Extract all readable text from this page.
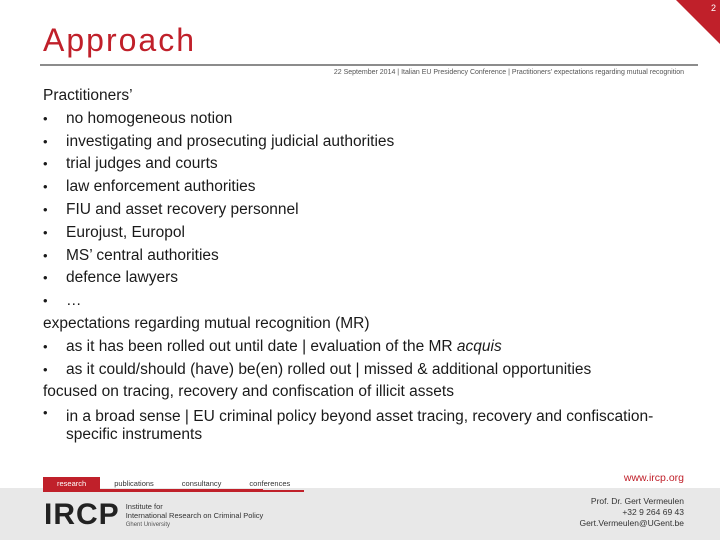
2
Approach
22 September 2014 | Italian EU Presidency Conference | Practitioners' expectations regarding mutual recognition

Practitioners’

• no homogeneous notion
• investigating and prosecuting judicial authorities
• trial judges and courts
• law enforcement authorities
• FIU and asset recovery personnel
• Eurojust, Europol
• MS’ central authorities
• defence lawyers
• …

expectations regarding mutual recognition (MR)

• as it has been rolled out until date | evaluation of the MR acquis
• as it could/should (have) be(en) rolled out | missed & additional opportunities

focused on tracing, recovery and confiscation of illicit assets

• in a broad sense | EU criminal policy beyond asset tracing, recovery and confiscation-specific instruments
research	publications	consultancy	conferences	www.ircp.org
IRCP Institute for
International Research on Criminal Policy
Ghent University
Prof. Dr. Gert Vermeulen
+32 9 264 69 43
Gert.Vermeulen@UGent.be
